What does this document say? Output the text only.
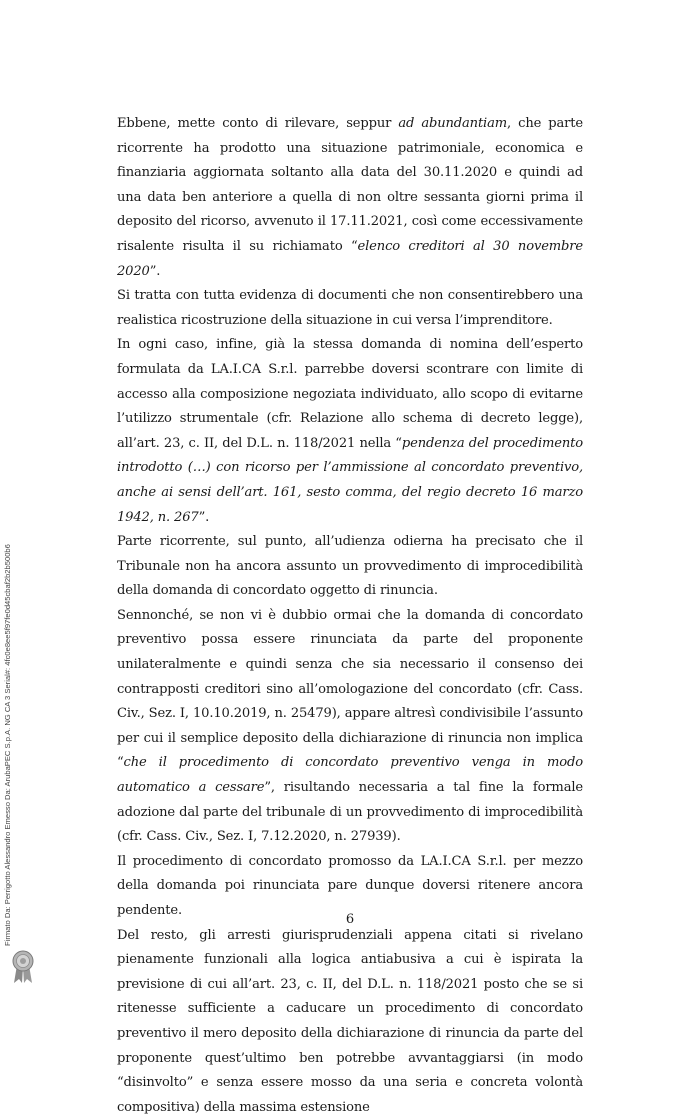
Ebbene, mette conto di rilevare, seppur ad abundantiam, che parte ricorrente ha prodotto una situazione patrimoniale, economica e finanziaria aggiornata soltanto alla data del 30.11.2020 e quindi ad una data ben anteriore a quella di non oltre sessanta giorni prima il deposito del ricorso, avvenuto il 17.11.2021, così come eccessivamente risalente risulta il su richiamato “elenco creditori al 30 novembre 2020”.

Si tratta con tutta evidenza di documenti che non consentirebbero una realistica ricostruzione della situazione in cui versa l’imprenditore.

In ogni caso, infine, già la stessa domanda di nomina dell’esperto formulata da LA.I.CA S.r.l. parrebbe doversi scontrare con limite di accesso alla composizione negoziata individuato, allo scopo di evitarne l’utilizzo strumentale (cfr. Relazione allo schema di decreto legge), all’art. 23, c. II, del D.L. n. 118/2021 nella “pendenza del procedimento introdotto (…) con ricorso per l’ammissione al concordato preventivo, anche ai sensi dell’art. 161, sesto comma, del regio decreto 16 marzo 1942, n. 267”.

Parte ricorrente, sul punto, all’udienza odierna ha precisato che il Tribunale non ha ancora assunto un provvedimento di improcedibilità della domanda di concordato oggetto di rinuncia.

Sennonché, se non vi è dubbio ormai che la domanda di concordato preventivo possa essere rinunciata da parte del proponente unilateralmente e quindi senza che sia necessario il consenso dei contrapposti creditori sino all’omologazione del concordato (cfr. Cass. Civ., Sez. I, 10.10.2019, n. 25479), appare altresì condivisibile l’assunto per cui il semplice deposito della dichiarazione di rinuncia non implica “che il procedimento di concordato preventivo venga in modo automatico a cessare”, risultando necessaria a tal fine la formale adozione dal parte del tribunale di un provvedimento di improcedibilità (cfr. Cass. Civ., Sez. I, 7.12.2020, n. 27939).

Il procedimento di concordato promosso da LA.I.CA S.r.l. per mezzo della domanda poi rinunciata pare dunque doversi ritenere ancora pendente.

Del resto, gli arresti giurisprudenziali appena citati si rivelano pienamente funzionali alla logica antiabusiva a cui è ispirata la previsione di cui all’art. 23, c. II, del D.L. n. 118/2021 posto che se si ritenesse sufficiente a caducare un procedimento di concordato preventivo il mero deposito della dichiarazione di rinuncia da parte del proponente quest’ultimo ben potrebbe avvantaggiarsi (in modo “disinvolto” e senza essere mosso da una seria e concreta volontà compositiva) della massima estensione

6
Firmato Da: Perrigotto Alessandro Emesso Da: ArubaPEC S.p.A. NG CA 3 Serial#: 4fc0e8ee5f97fe0d45cbaf2b2b500b6
